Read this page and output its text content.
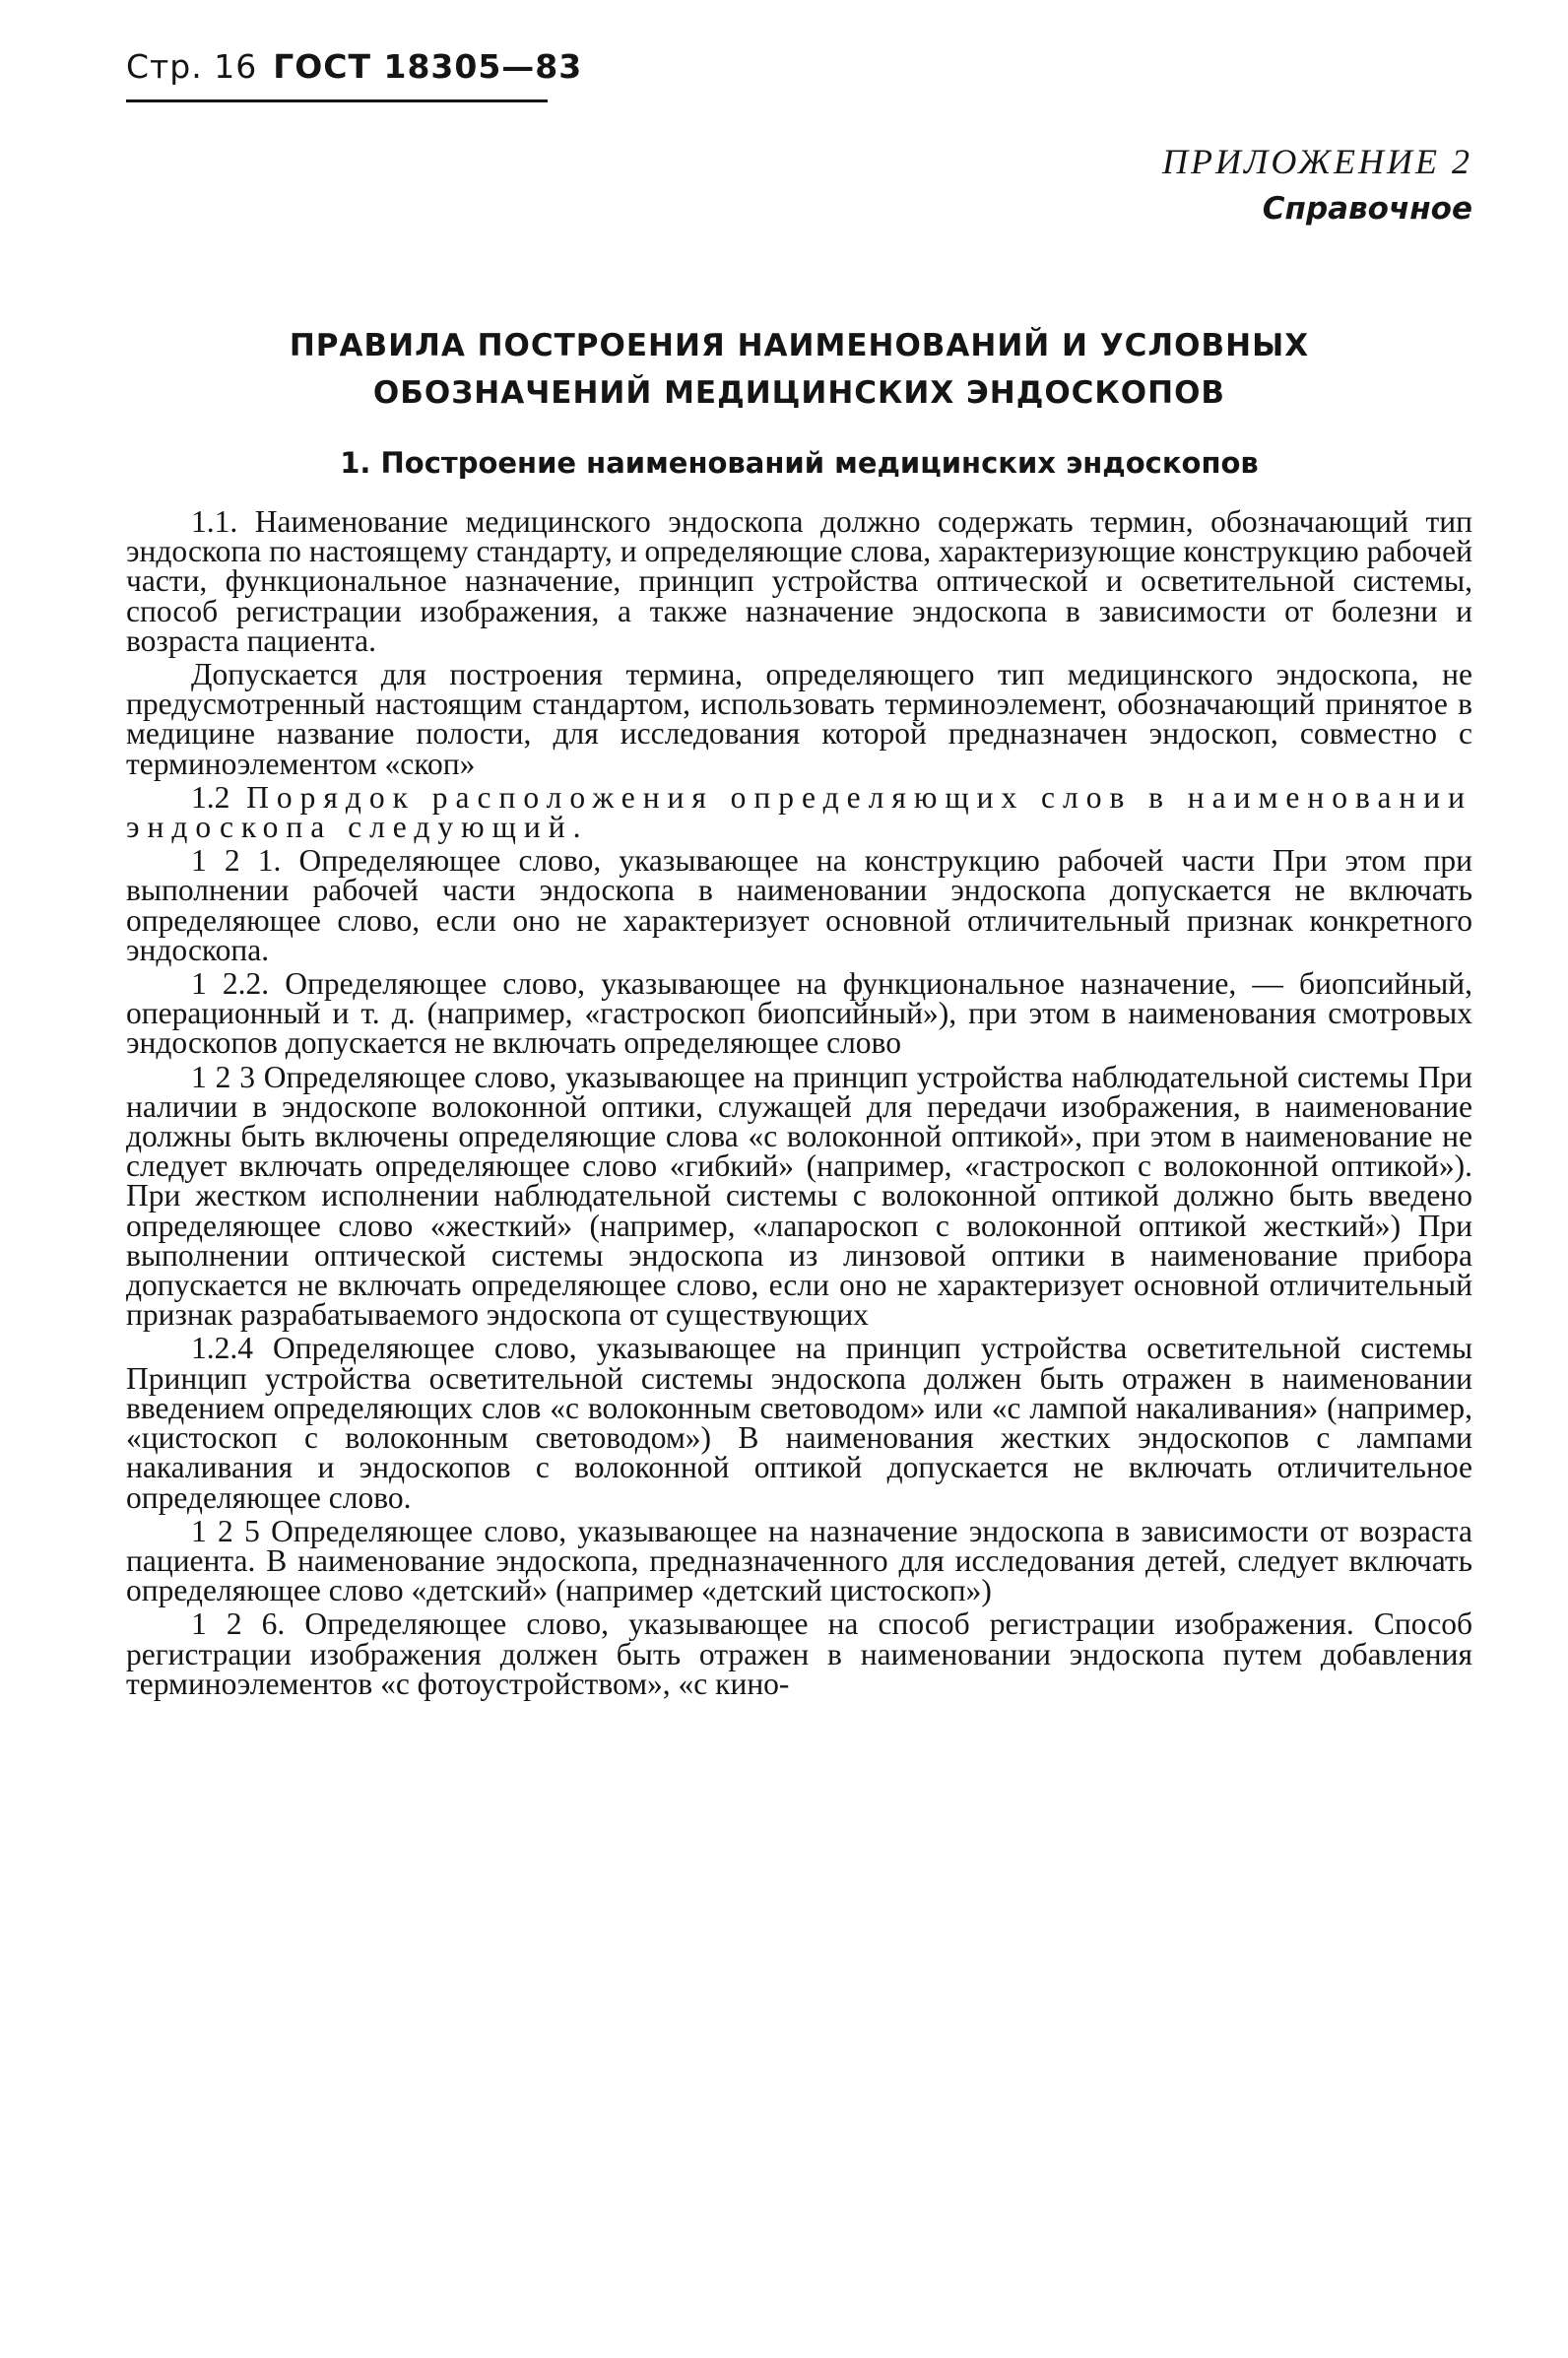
Стр. 16 ГОСТ 18305—83
ПРИЛОЖЕНИЕ 2
Справочное
ПРАВИЛА ПОСТРОЕНИЯ НАИМЕНОВАНИЙ И УСЛОВНЫХ
ОБОЗНАЧЕНИЙ МЕДИЦИНСКИХ ЭНДОСКОПОВ
1. Построение наименований медицинских эндоскопов

1.1. Наименование медицинского эндоскопа должно содержать термин, обозначающий тип эндоскопа по настоящему стандарту, и определяющие слова, характеризующие конструкцию рабочей части, функциональное назначение, принцип устройства оптической и осветительной системы, способ регистрации изображения, а также назначение эндоскопа в зависимости от болезни и возраста пациента.

Допускается для построения термина, определяющего тип медицинского эндоскопа, не предусмотренный настоящим стандартом, использовать терминоэлемент, обозначающий принятое в медицине название полости, для исследования которой предназначен эндоскоп, совместно с терминоэлементом «скоп»

1.2 Порядок расположения определяющих слов в наименовании эндоскопа следующий.

1 2 1. Определяющее слово, указывающее на конструкцию рабочей части При этом при выполнении рабочей части эндоскопа в наименовании эндоскопа допускается не включать определяющее слово, если оно не характеризует основной отличительный признак конкретного эндоскопа.

1 2.2. Определяющее слово, указывающее на функциональное назначение, — биопсийный, операционный и т. д. (например, «гастроскоп биопсийный»), при этом в наименования смотровых эндоскопов допускается не включать определяющее слово

1 2 3 Определяющее слово, указывающее на принцип устройства наблюдательной системы При наличии в эндоскопе волоконной оптики, служащей для передачи изображения, в наименование должны быть включены определяющие слова «с волоконной оптикой», при этом в наименование не следует включать определяющее слово «гибкий» (например, «гастроскоп с волоконной оптикой»). При жестком исполнении наблюдательной системы с волоконной оптикой должно быть введено определяющее слово «жесткий» (например, «лапароскоп с волоконной оптикой жесткий») При выполнении оптической системы эндоскопа из линзовой оптики в наименование прибора допускается не включать определяющее слово, если оно не характеризует основной отличительный признак разрабатываемого эндоскопа от существующих

1.2.4 Определяющее слово, указывающее на принцип устройства осветительной системы Принцип устройства осветительной системы эндоскопа должен быть отражен в наименовании введением определяющих слов «с волоконным световодом» или «с лампой накаливания» (например, «цистоскоп с волоконным световодом») В наименования жестких эндоскопов с лампами накаливания и эндоскопов с волоконной оптикой допускается не включать отличительное определяющее слово.

1 2 5 Определяющее слово, указывающее на назначение эндоскопа в зависимости от возраста пациента. В наименование эндоскопа, предназначенного для исследования детей, следует включать определяющее слово «детский» (например «детский цистоскоп»)

1 2 6. Определяющее слово, указывающее на способ регистрации изображения. Способ регистрации изображения должен быть отражен в наименовании эндоскопа путем добавления терминоэлементов «с фотоустройством», «с кино-
